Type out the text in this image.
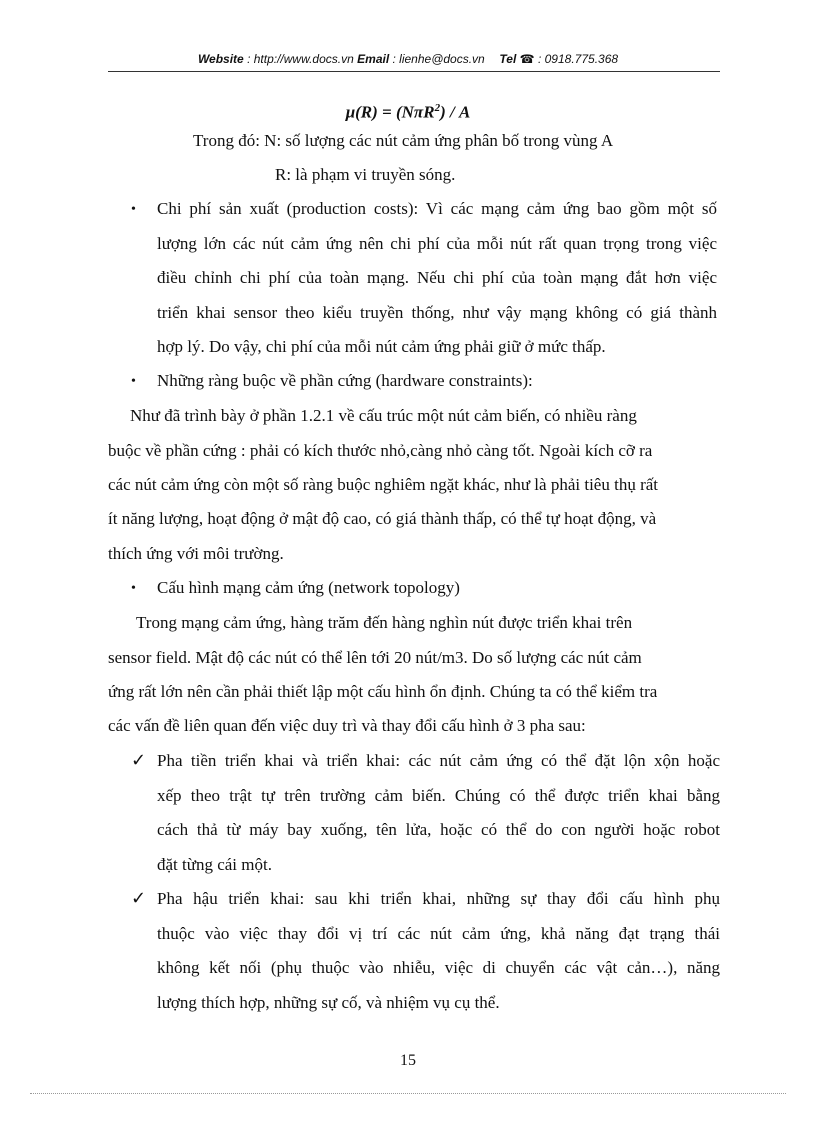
Website : http://www.docs.vn Email : lienhe@docs.vn Tel ☎ : 0918.775.368
μ(R) = (NπR$^2$) / A
Trong đó: N: số lượng các nút cảm ứng phân bố trong vùng A
R: là phạm vi truyền sóng.
• Chi phí sản xuất (production costs): Vì các mạng cảm ứng bao gồm một số
lượng lớn các nút cảm ứng nên chi phí của mỗi nút rất quan trọng trong việc
điều chỉnh chi phí của toàn mạng. Nếu chi phí của toàn mạng đắt hơn việc
triển khai sensor theo kiểu truyền thống, như vậy mạng không có giá thành
hợp lý. Do vậy, chi phí của mỗi nút cảm ứng phải giữ ở mức thấp.
• Những ràng buộc về phần cứng (hardware constraints):
Như đã trình bày ở phần 1.2.1 về cấu trúc một nút cảm biến, có nhiều ràng
buộc về phần cứng : phải có kích thước nhỏ,càng nhỏ càng tốt. Ngoài kích cỡ ra
các nút cảm ứng còn một số ràng buộc nghiêm ngặt khác, như là phải tiêu thụ rất
ít năng lượng, hoạt động ở mật độ cao, có giá thành thấp, có thể tự hoạt động, và
thích ứng với môi trường.
• Cấu hình mạng cảm ứng (network topology)
Trong mạng cảm ứng, hàng trăm đến hàng nghìn nút được triển khai trên
sensor field. Mật độ các nút có thể lên tới 20 nút/m3. Do số lượng các nút cảm
ứng rất lớn nên cần phải thiết lập một cấu hình ổn định. Chúng ta có thể kiểm tra
các vấn đề liên quan đến việc duy trì và thay đổi cấu hình ở 3 pha sau:
✓ Pha tiền triển khai và triển khai: các nút cảm ứng có thể đặt lộn xộn hoặc
xếp theo trật tự trên trường cảm biến. Chúng có thể được triển khai bằng
cách thả từ máy bay xuống, tên lửa, hoặc có thể do con người hoặc robot
đặt từng cái một.
✓ Pha hậu triển khai: sau khi triển khai, những sự thay đổi cấu hình phụ
thuộc vào việc thay đổi vị trí các nút cảm ứng, khả năng đạt trạng thái
không kết nối (phụ thuộc vào nhiễu, việc di chuyển các vật cản…), năng
lượng thích hợp, những sự cố, và nhiệm vụ cụ thể.
15
